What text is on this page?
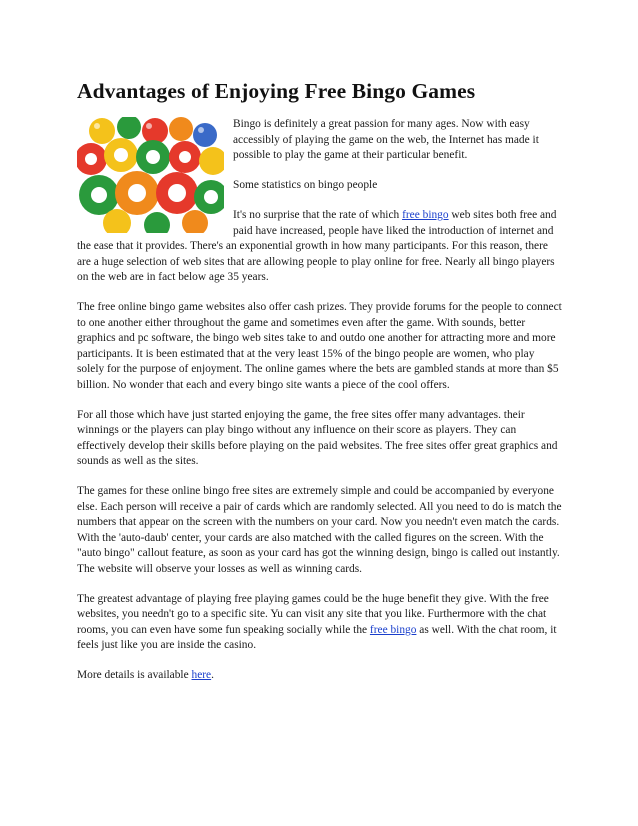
Advantages of Enjoying Free Bingo Games

Bingo is definitely a great passion for many ages. Now with easy accessibly of playing the game on the web, the Internet has made it possible to play the game at their particular benefit.

Some statistics on bingo people

It's no surprise that the rate of which free bingo web sites both free and paid have increased, people have liked the introduction of internet and the ease that it provides. There's an exponential growth in how many participants. For this reason, there are a huge selection of web sites that are allowing people to play online for free. Nearly all bingo players on the web are in fact below age 35 years.

The free online bingo game websites also offer cash prizes. They provide forums for the people to connect to one another either throughout the game and sometimes even after the game. With sounds, better graphics and pc software, the bingo web sites take to and outdo one another for attracting more and more participants. It is been estimated that at the very least 15% of the bingo people are women, who play solely for the purpose of enjoyment. The online games where the bets are gambled stands at more than $5 billion. No wonder that each and every bingo site wants a piece of the cool offers.

For all those which have just started enjoying the game, the free sites offer many advantages. their winnings or the players can play bingo without any influence on their score as players. They can effectively develop their skills before playing on the paid websites. The free sites offer great graphics and sounds as well as the sites.

The games for these online bingo free sites are extremely simple and could be accompanied by everyone else. Each person will receive a pair of cards which are randomly selected. All you need to do is match the numbers that appear on the screen with the numbers on your card. Now you needn't even match the cards. With the 'auto-daub' center, your cards are also matched with the called figures on the screen. With the "auto bingo" callout feature, as soon as your card has got the winning design, bingo is called out instantly. The website will observe your losses as well as winning cards.

The greatest advantage of playing free playing games could be the huge benefit they give. With the free websites, you needn't go to a specific site. Yu can visit any site that you like. Furthermore with the chat rooms, you can even have some fun speaking socially while the free bingo as well. With the chat room, it feels just like you are inside the casino.

More details is available here.
